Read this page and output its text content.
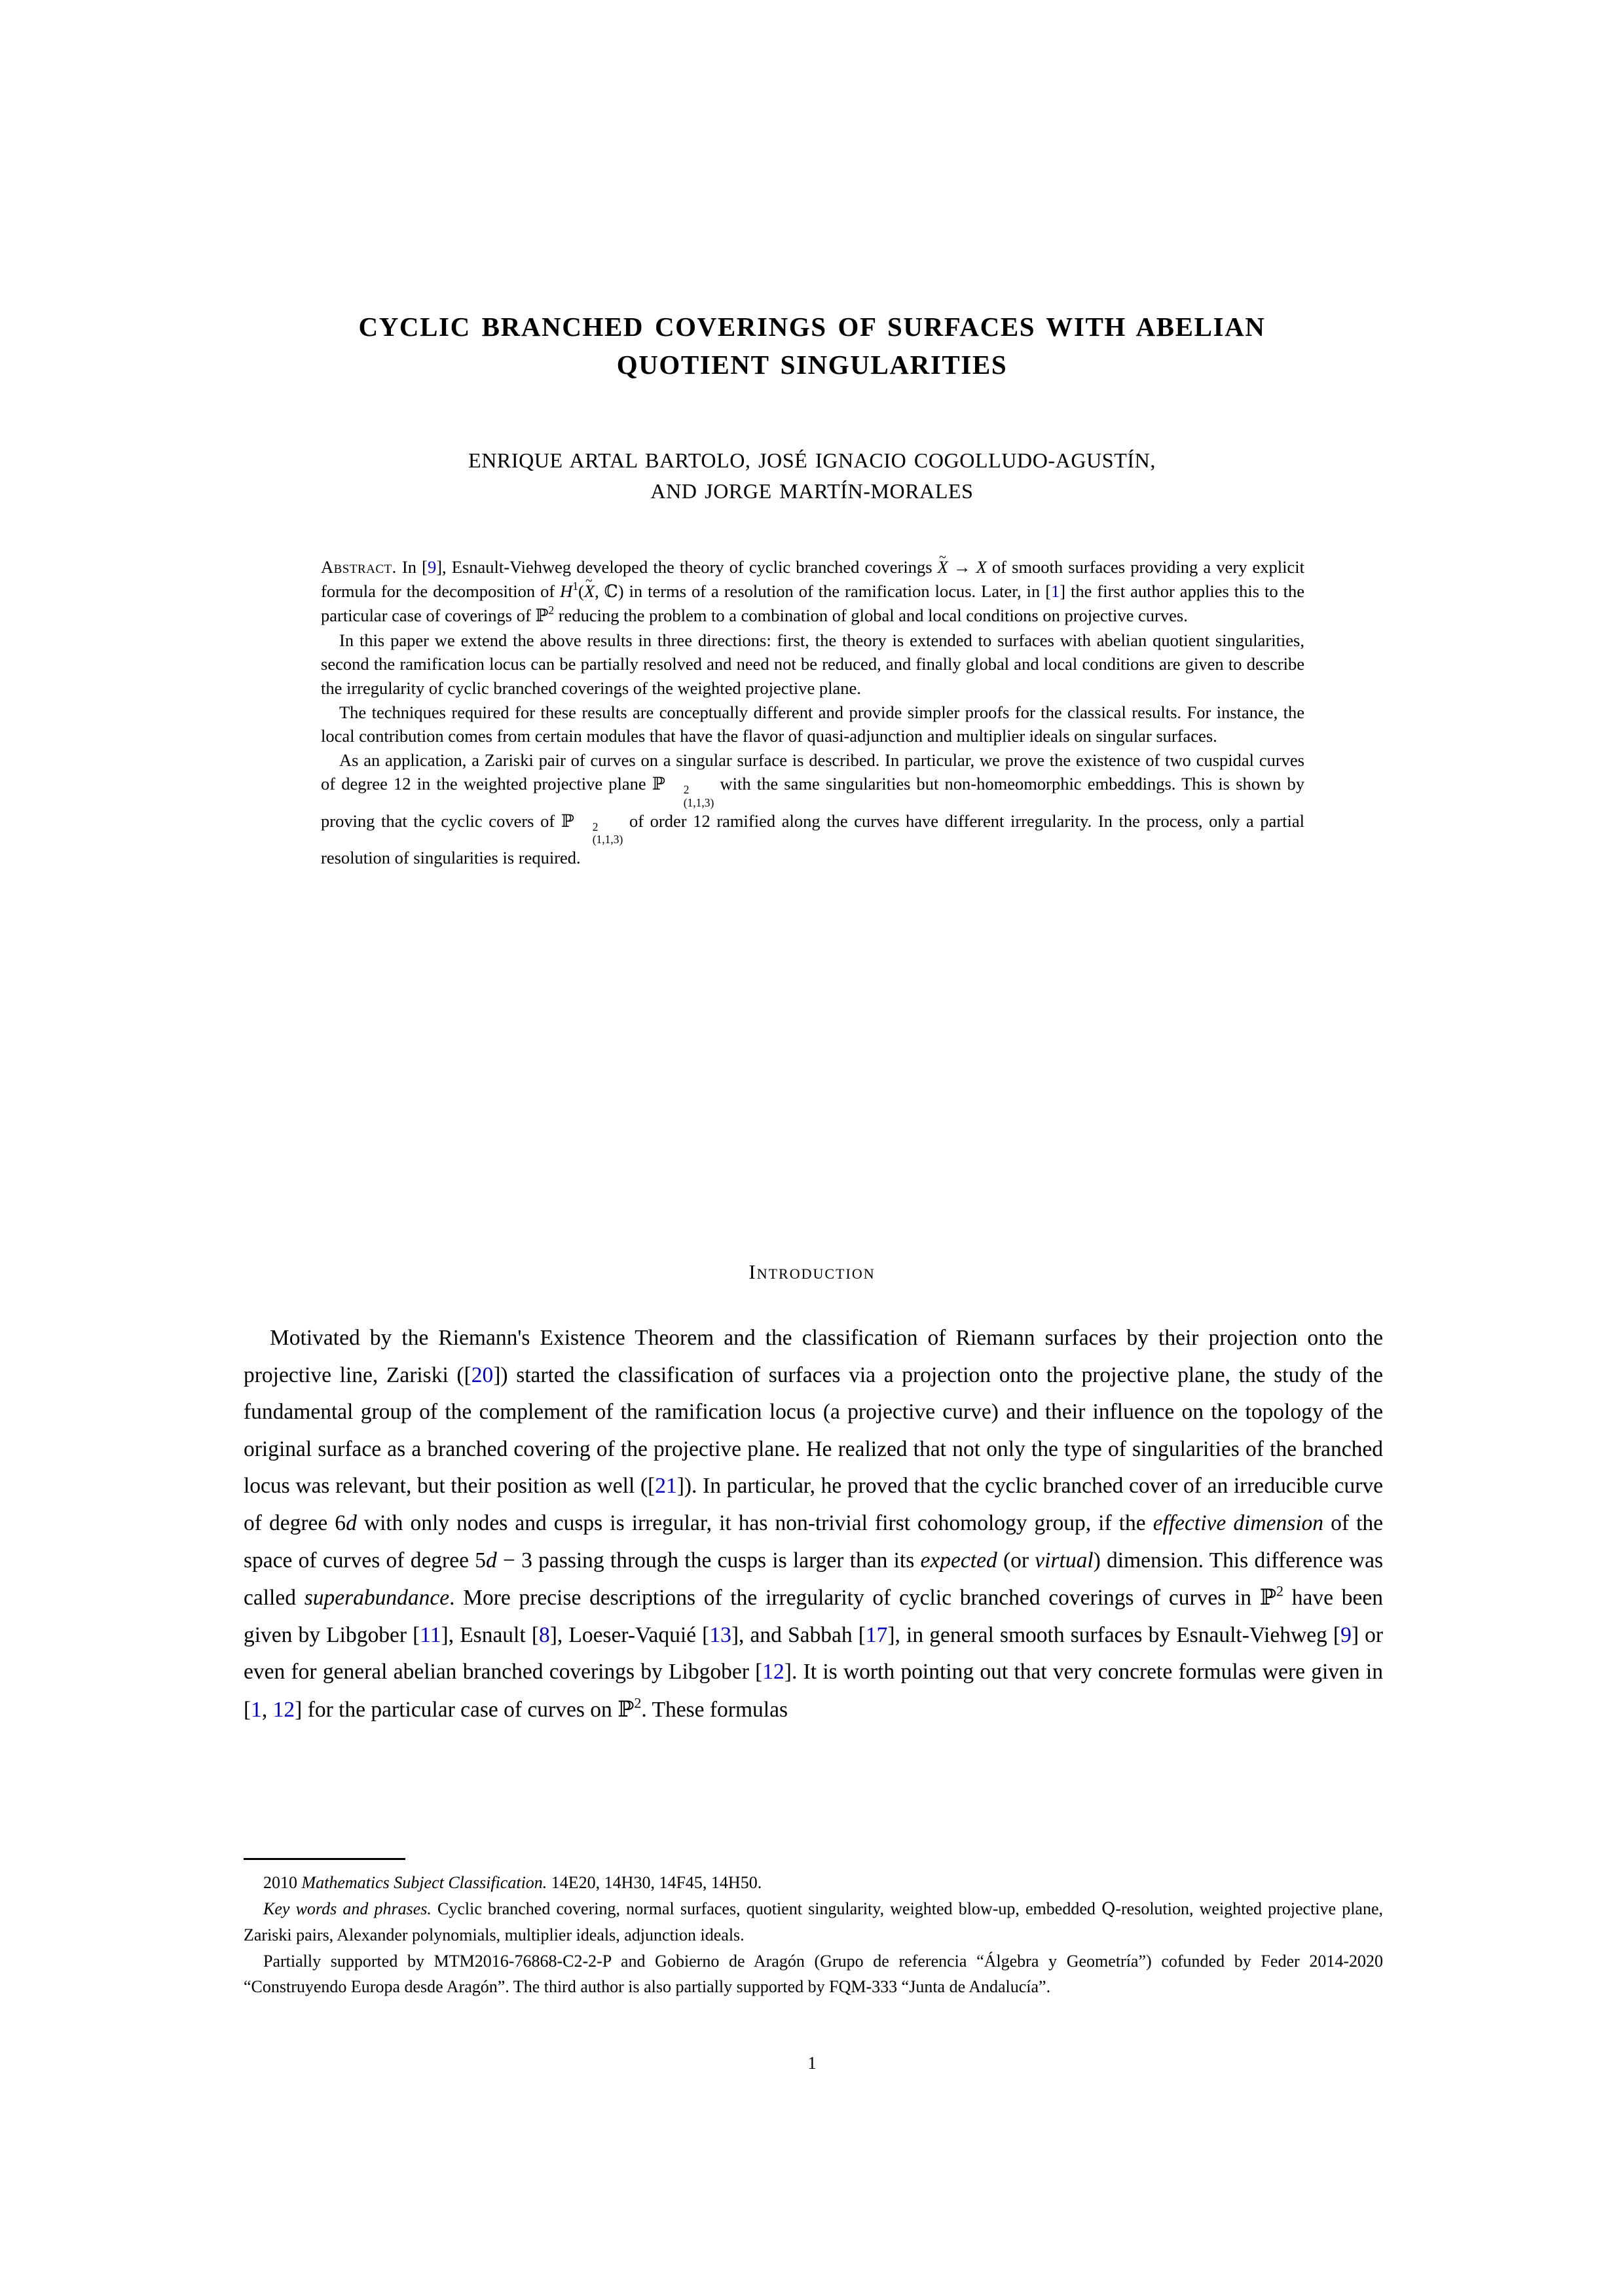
CYCLIC BRANCHED COVERINGS OF SURFACES WITH ABELIAN
QUOTIENT SINGULARITIES
ENRIQUE ARTAL BARTOLO, JOSÉ IGNACIO COGOLLUDO-AGUSTÍN,
AND JORGE MARTÍN-MORALES

Abstract. In [9], Esnault-Viehweg developed the theory of cyclic branched coverings ~ X → X of smooth surfaces providing a very explicit formula for the decomposition of $H^1(\sim$ X, ℂ) in terms of a resolution of the ramification locus. Later, in [1] the first author applies this to the particular case of coverings of ℙ$^2$ reducing the problem to a combination of global and local conditions on projective curves.

In this paper we extend the above results in three directions: first, the theory is extended to surfaces with abelian quotient singularities, second the ramification locus can be partially resolved and need not be reduced, and finally global and local conditions are given to describe the irregularity of cyclic branched coverings of the weighted projective plane.

The techniques required for these results are conceptually different and provide simpler proofs for the classical results. For instance, the local contribution comes from certain modules that have the flavor of quasi-adjunction and multiplier ideals on singular surfaces.

As an application, a Zariski pair of curves on a singular surface is described. In particular, we prove the existence of two cuspidal curves of degree 12 in the weighted projective plane ℙ	2
(1,1,3)
with the same singularities but non-homeomorphic embeddings. This is shown by proving that the cyclic covers of ℙ	2
(1,1,3)
of order 12 ramified along the curves have different irregularity. In the process, only a partial resolution of singularities is required.

Introduction

Motivated by the Riemann's Existence Theorem and the classification of Riemann surfaces by their projection onto the projective line, Zariski ([20]) started the classification of surfaces via a projection onto the projective plane, the study of the fundamental group of the complement of the ramification locus (a projective curve) and their influence on the topology of the original surface as a branched covering of the projective plane. He realized that not only the type of singularities of the branched locus was relevant, but their position as well ([21]). In particular, he proved that the cyclic branched cover of an irreducible curve of degree 6d with only nodes and cusps is irregular, it has non-trivial first cohomology group, if the effective dimension of the space of curves of degree 5d − 3 passing through the cusps is larger than its expected (or virtual) dimension. This difference was called superabundance. More precise descriptions of the irregularity of cyclic branched coverings of curves in ℙ$^2$ have been given by Libgober [11], Esnault [8], Loeser-Vaquié [13], and Sabbah [17], in general smooth surfaces by Esnault-Viehweg [9] or even for general abelian branched coverings by Libgober [12]. It is worth pointing out that very concrete formulas were given in [1, 12] for the particular case of curves on ℙ$^2$. These formulas

2010 Mathematics Subject Classification. 14E20, 14H30, 14F45, 14H50.

Key words and phrases. Cyclic branched covering, normal surfaces, quotient singularity, weighted blow-up, embedded Q-resolution, weighted projective plane, Zariski pairs, Alexander polynomials, multiplier ideals, adjunction ideals.

Partially supported by MTM2016-76868-C2-2-P and Gobierno de Aragón (Grupo de referencia “Álgebra y Geometría”) cofunded by Feder 2014-2020 “Construyendo Europa desde Aragón”. The third author is also partially supported by FQM-333 “Junta de Andalucía”.

1
